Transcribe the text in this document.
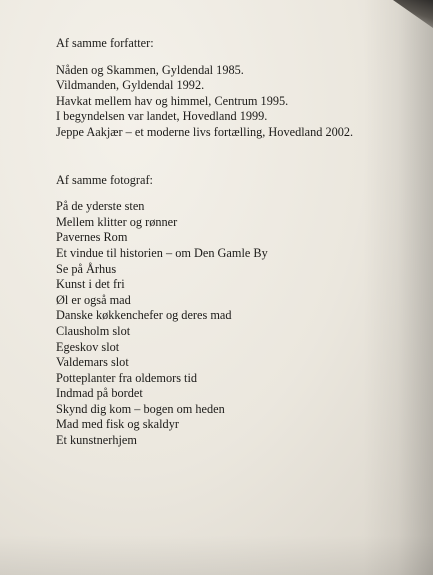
Af samme forfatter:

Nåden og Skammen, Gyldendal 1985.
Vildmanden, Gyldendal 1992.
Havkat mellem hav og himmel, Centrum 1995.
I begyndelsen var landet, Hovedland 1999.
Jeppe Aakjær – et moderne livs fortælling, Hovedland 2002.

Af samme fotograf:

På de yderste sten
Mellem klitter og rønner
Pavernes Rom
Et vindue til historien – om Den Gamle By
Se på Århus
Kunst i det fri
Øl er også mad
Danske køkkenchefer og deres mad
Clausholm slot
Egeskov slot
Valdemars slot
Potteplanter fra oldemors tid
Indmad på bordet
Skynd dig kom – bogen om heden
Mad med fisk og skaldyr
Et kunstnerhjem
